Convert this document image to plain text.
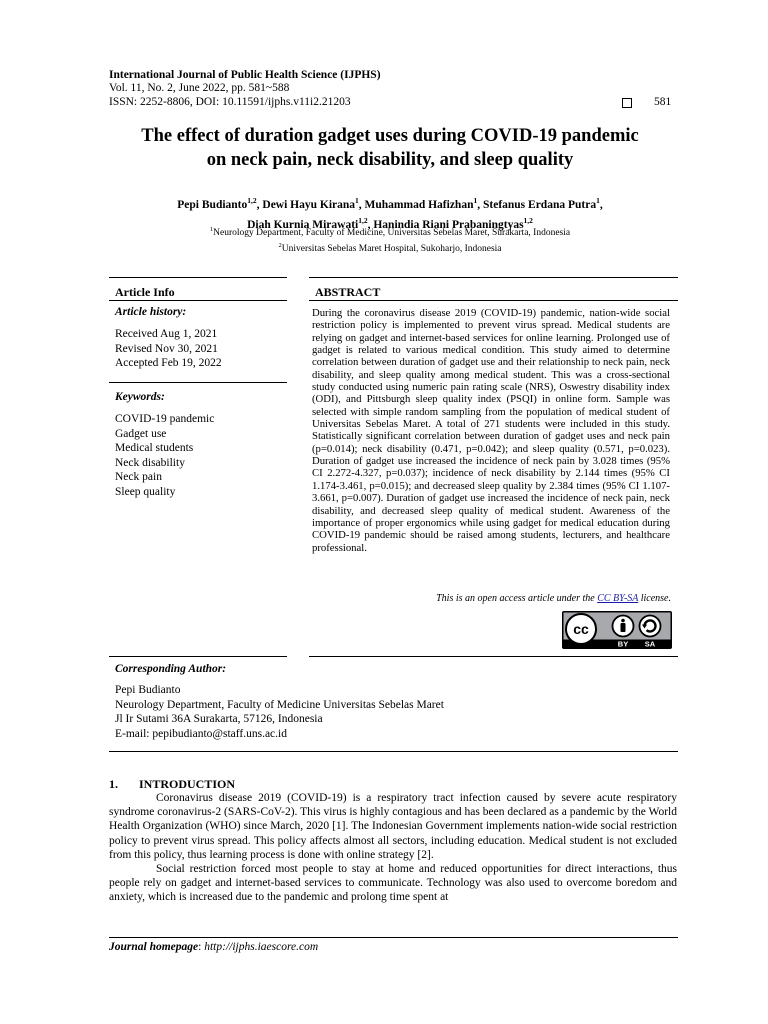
International Journal of Public Health Science (IJPHS)
Vol. 11, No. 2, June 2022, pp. 581~588
ISSN: 2252-8806, DOI: 10.11591/ijphs.v11i2.21203	581
The effect of duration gadget uses during COVID-19 pandemic
on neck pain, neck disability, and sleep quality
Pepi Budianto$^{1,2}$, Dewi Hayu Kirana$^1$, Muhammad Hafizhan$^1$, Stefanus Erdana Putra$^1$,
Diah Kurnia Mirawati$^{1,2}$, Hanindia Riani Prabaningtyas$^{1,2}$
$^1$Neurology Department, Faculty of Medicine, Universitas Sebelas Maret, Surakarta, Indonesia
$^2$Universitas Sebelas Maret Hospital, Sukoharjo, Indonesia
Article Info
Article history:
Received Aug 1, 2021
Revised Nov 30, 2021
Accepted Feb 19, 2022
Keywords:
COVID-19 pandemic
Gadget use
Medical students
Neck disability
Neck pain
Sleep quality
ABSTRACT
During the coronavirus disease 2019 (COVID-19) pandemic, nation-wide social restriction policy is implemented to prevent virus spread. Medical students are relying on gadget and internet-based services for online learning. Prolonged use of gadget is related to various medical condition. This study aimed to determine correlation between duration of gadget use and their relationship to neck pain, neck disability, and sleep quality among medical student. This was a cross-sectional study conducted using numeric pain rating scale (NRS), Oswestry disability index (ODI), and Pittsburgh sleep quality index (PSQI) in online form. Sample was selected with simple random sampling from the population of medical student of Universitas Sebelas Maret. A total of 271 students were included in this study. Statistically significant correlation between duration of gadget uses and neck pain (p=0.014); neck disability (0.471, p=0.042); and sleep quality (0.571, p=0.023). Duration of gadget use increased the incidence of neck pain by 3.028 times (95% CI 2.272-4.327, p=0.037); incidence of neck disability by 2.144 times (95% CI 1.174-3.461, p=0.015); and decreased sleep quality by 2.384 times (95% CI 1.107-3.661, p=0.007). Duration of gadget use increased the incidence of neck pain, neck disability, and decreased sleep quality of medical student. Awareness of the importance of proper ergonomics while using gadget for medical education during COVID-19 pandemic should be raised among students, lecturers, and healthcare professional.
This is an open access article under the CC BY-SA license.
cc
BY SA
Corresponding Author:
Pepi Budianto
Neurology Department, Faculty of Medicine Universitas Sebelas Maret
Jl Ir Sutami 36A Surakarta, 57126, Indonesia
E-mail: pepibudianto@staff.uns.ac.id
1.       INTRODUCTION

Coronavirus disease 2019 (COVID-19) is a respiratory tract infection caused by severe acute respiratory syndrome coronavirus-2 (SARS-CoV-2). This virus is highly contagious and has been declared as a pandemic by the World Health Organization (WHO) since March, 2020 [1]. The Indonesian Government implements nation-wide social restriction policy to prevent virus spread. This policy affects almost all sectors, including education. Medical student is not excluded from this policy, thus learning process is done with online strategy [2].

Social restriction forced most people to stay at home and reduced opportunities for direct interactions, thus people rely on gadget and internet-based services to communicate. Technology was also used to overcome boredom and anxiety, which is increased due to the pandemic and prolong time spent at

Journal homepage: http://ijphs.iaescore.com
